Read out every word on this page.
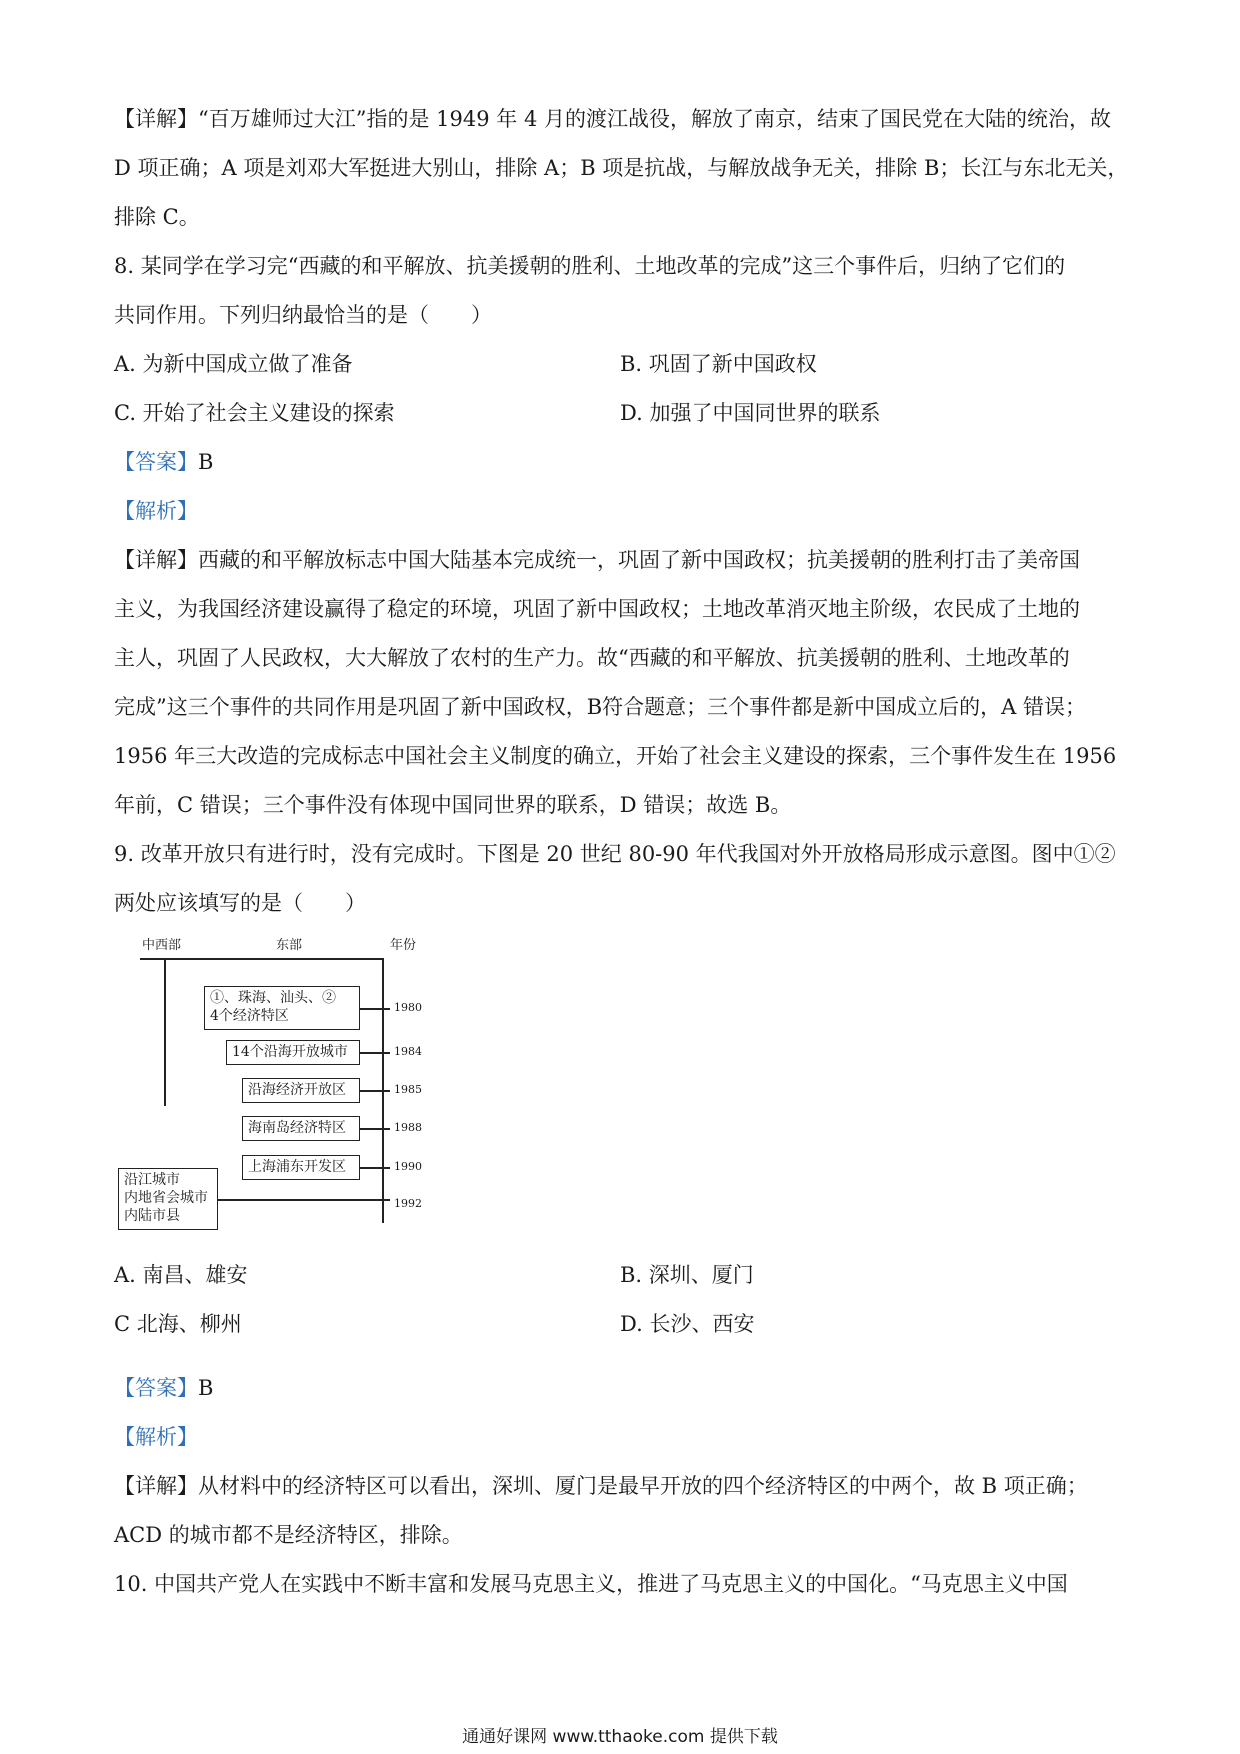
【详解】“百万雄师过大江”指的是 1949 年 4 月的渡江战役，解放了南京，结束了国民党在大陆的统治，故
D 项正确；A 项是刘邓大军挺进大别山，排除 A；B 项是抗战，与解放战争无关，排除 B；长江与东北无关，
排除 C。
8. 某同学在学习完“西藏的和平解放、抗美援朝的胜利、土地改革的完成”这三个事件后，归纳了它们的
共同作用。下列归纳最恰当的是（　　）
A. 为新中国成立做了准备	B. 巩固了新中国政权
C. 开始了社会主义建设的探索	D. 加强了中国同世界的联系
【答案】B
【解析】
【详解】西藏的和平解放标志中国大陆基本完成统一，巩固了新中国政权；抗美援朝的胜利打击了美帝国
主义，为我国经济建设赢得了稳定的环境，巩固了新中国政权；土地改革消灭地主阶级，农民成了土地的
主人，巩固了人民政权，大大解放了农村的生产力。故“西藏的和平解放、抗美援朝的胜利、土地改革的
完成”这三个事件的共同作用是巩固了新中国政权，B符合题意；三个事件都是新中国成立后的，A 错误；
1956 年三大改造的完成标志中国社会主义制度的确立，开始了社会主义建设的探索，三个事件发生在 1956
年前，C 错误；三个事件没有体现中国同世界的联系，D 错误；故选 B。
9. 改革开放只有进行时，没有完成时。下图是 20 世纪 80-90 年代我国对外开放格局形成示意图。图中①②
两处应该填写的是（　　）
中西部	东部	年份
①、珠海、汕头、②
4个经济特区
14个沿海开放城市
沿海经济开放区
海南岛经济特区
上海浦东开发区
沿江城市
内地省会城市
内陆市县
1980
1984
1985
1988
1990
1992
A. 南昌、雄安	B. 深圳、厦门
C 北海、柳州	D. 长沙、西安
【答案】B
【解析】
【详解】从材料中的经济特区可以看出，深圳、厦门是最早开放的四个经济特区的中两个，故 B 项正确；
ACD 的城市都不是经济特区，排除。
10. 中国共产党人在实践中不断丰富和发展马克思主义，推进了马克思主义的中国化。“马克思主义中国
通通好课网 www.tthaoke.com 提供下载
